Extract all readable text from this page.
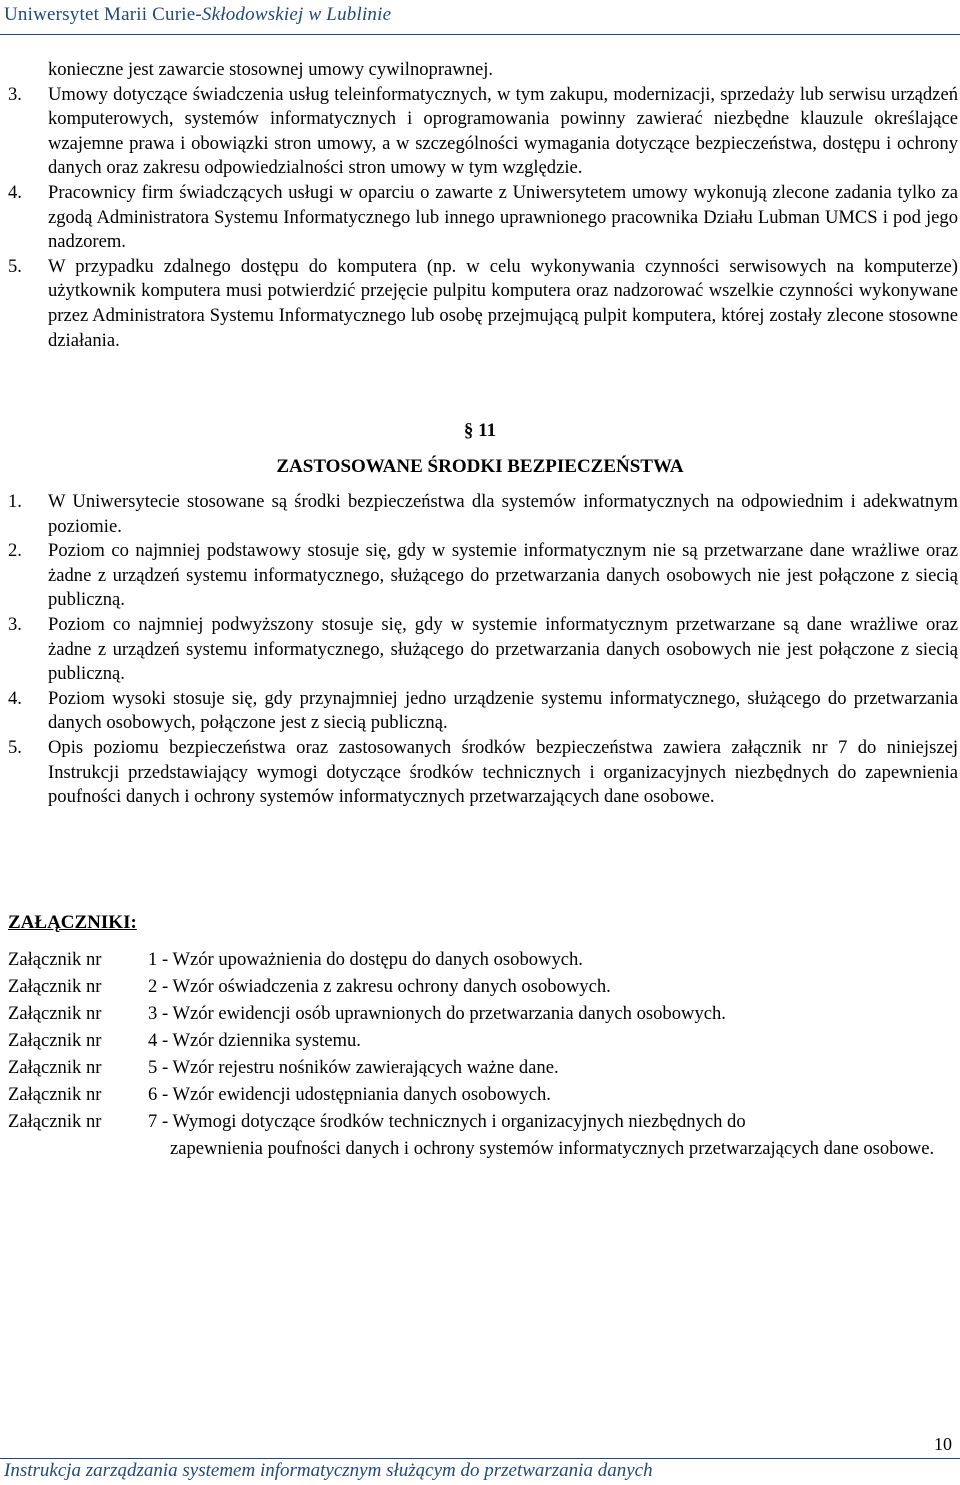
Uniwersytet Marii Curie-Skłodowskiej w Lublinie
konieczne jest zawarcie stosownej umowy cywilnoprawnej.
3.	Umowy dotyczące świadczenia usług teleinformatycznych, w tym zakupu, modernizacji, sprzedaży lub serwisu urządzeń komputerowych, systemów informatycznych i oprogramowania powinny zawierać niezbędne klauzule określające wzajemne prawa i obowiązki stron umowy, a w szczególności wymagania dotyczące bezpieczeństwa, dostępu i ochrony danych oraz zakresu odpowiedzialności stron umowy w tym względzie.
4.	Pracownicy firm świadczących usługi w oparciu o zawarte z Uniwersytetem umowy wykonują zlecone zadania tylko za zgodą Administratora Systemu Informatycznego lub innego uprawnionego pracownika Działu Lubman UMCS i pod jego nadzorem.
5.	W przypadku zdalnego dostępu do komputera (np. w celu wykonywania czynności serwisowych na komputerze) użytkownik komputera musi potwierdzić przejęcie pulpitu komputera oraz nadzorować wszelkie czynności wykonywane przez Administratora Systemu Informatycznego lub osobę przejmującą pulpit komputera, której zostały zlecone stosowne działania.
§ 11
ZASTOSOWANE ŚRODKI BEZPIECZEŃSTWA
1.	W Uniwersytecie stosowane są środki bezpieczeństwa dla systemów informatycznych na odpowiednim i adekwatnym poziomie.
2.	Poziom co najmniej podstawowy stosuje się, gdy w systemie informatycznym nie są przetwarzane dane wrażliwe oraz żadne z urządzeń systemu informatycznego, służącego do przetwarzania danych osobowych nie jest połączone z siecią publiczną.
3.	Poziom co najmniej podwyższony stosuje się, gdy w systemie informatycznym przetwarzane są dane wrażliwe oraz żadne z urządzeń systemu informatycznego, służącego do przetwarzania danych osobowych nie jest połączone z siecią publiczną.
4.	Poziom wysoki stosuje się, gdy przynajmniej jedno urządzenie systemu informatycznego, służącego do przetwarzania danych osobowych, połączone jest z siecią publiczną.
5.	Opis poziomu bezpieczeństwa oraz zastosowanych środków bezpieczeństwa zawiera załącznik nr 7 do niniejszej Instrukcji przedstawiający wymogi dotyczące środków technicznych i organizacyjnych niezbędnych do zapewnienia poufności danych i ochrony systemów informatycznych przetwarzających dane osobowe.
ZAŁĄCZNIKI:
Załącznik nr	1 - Wzór upoważnienia do dostępu do danych osobowych.
Załącznik nr	2 - Wzór oświadczenia z zakresu ochrony danych osobowych.
Załącznik nr	3 - Wzór ewidencji osób uprawnionych do przetwarzania danych osobowych.
Załącznik nr	4 - Wzór dziennika systemu.
Załącznik nr	5 - Wzór rejestru nośników zawierających ważne dane.
Załącznik nr	6 - Wzór ewidencji udostępniania danych osobowych.
Załącznik nr	7 - Wymogi dotyczące środków technicznych i organizacyjnych niezbędnych do
zapewnienia poufności danych i ochrony systemów informatycznych przetwarzających dane osobowe.
10
Instrukcja zarządzania systemem informatycznym służącym do przetwarzania danych
